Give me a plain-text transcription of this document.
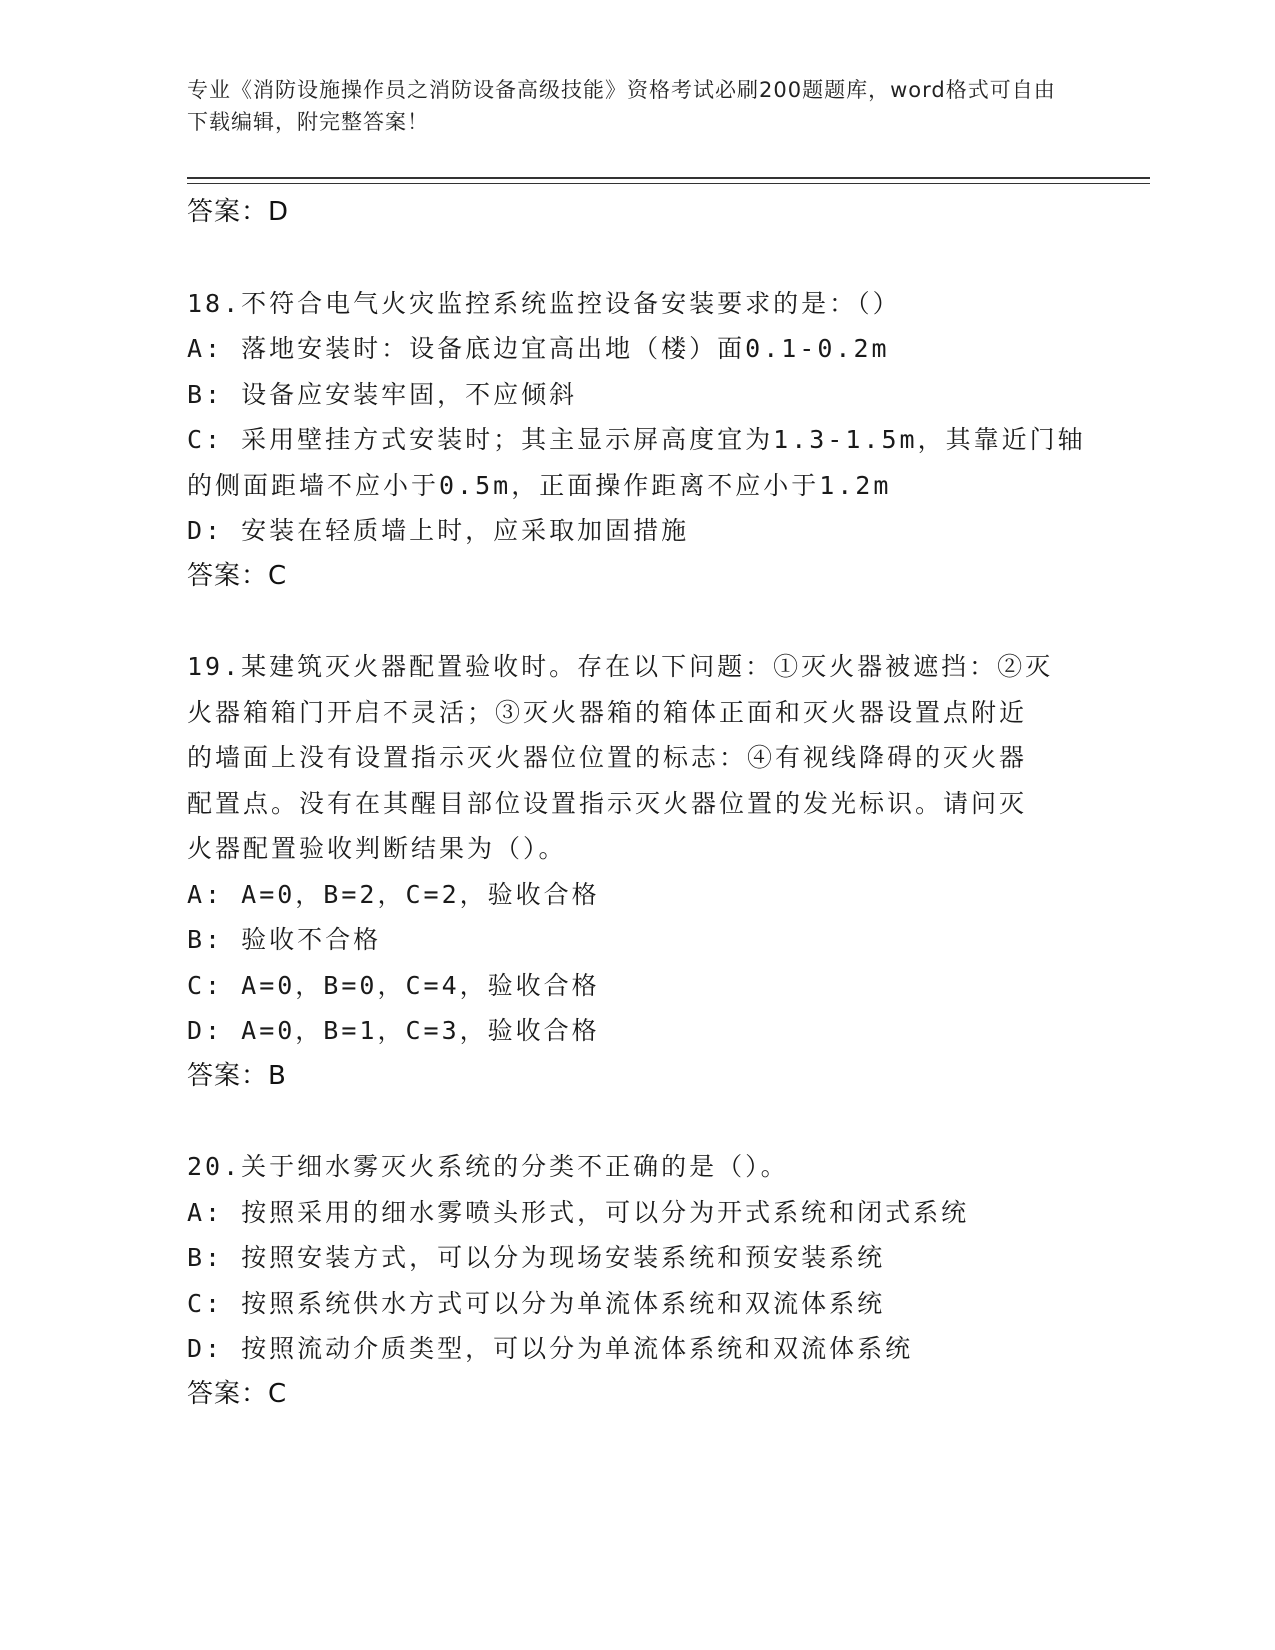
专业《消防设施操作员之消防设备高级技能》资格考试必刷200题题库，word格式可自由下载编辑，附完整答案！
答案：D
18.不符合电气火灾监控系统监控设备安装要求的是：（）
A: 落地安装时：设备底边宜高出地（楼）面0.1-0.2m
B: 设备应安装牢固，不应倾斜
C: 采用壁挂方式安装时；其主显示屏高度宜为1.3-1.5m，其靠近门轴
的侧面距墙不应小于0.5m，正面操作距离不应小于1.2m
D: 安装在轻质墙上时，应采取加固措施
答案：C
19.某建筑灭火器配置验收时。存在以下问题：①灭火器被遮挡：②灭
火器箱箱门开启不灵活；③灭火器箱的箱体正面和灭火器设置点附近
的墙面上没有设置指示灭火器位位置的标志：④有视线降碍的灭火器
配置点。没有在其醒目部位设置指示灭火器位置的发光标识。请问灭
火器配置验收判断结果为（）。
A: A=0，B=2，C=2，验收合格
B: 验收不合格
C: A=0，B=0，C=4，验收合格
D: A=0，B=1，C=3，验收合格
答案：B
20.关于细水雾灭火系统的分类不正确的是（）。
A: 按照采用的细水雾喷头形式，可以分为开式系统和闭式系统
B: 按照安装方式，可以分为现场安装系统和预安装系统
C: 按照系统供水方式可以分为单流体系统和双流体系统
D: 按照流动介质类型，可以分为单流体系统和双流体系统
答案：C
